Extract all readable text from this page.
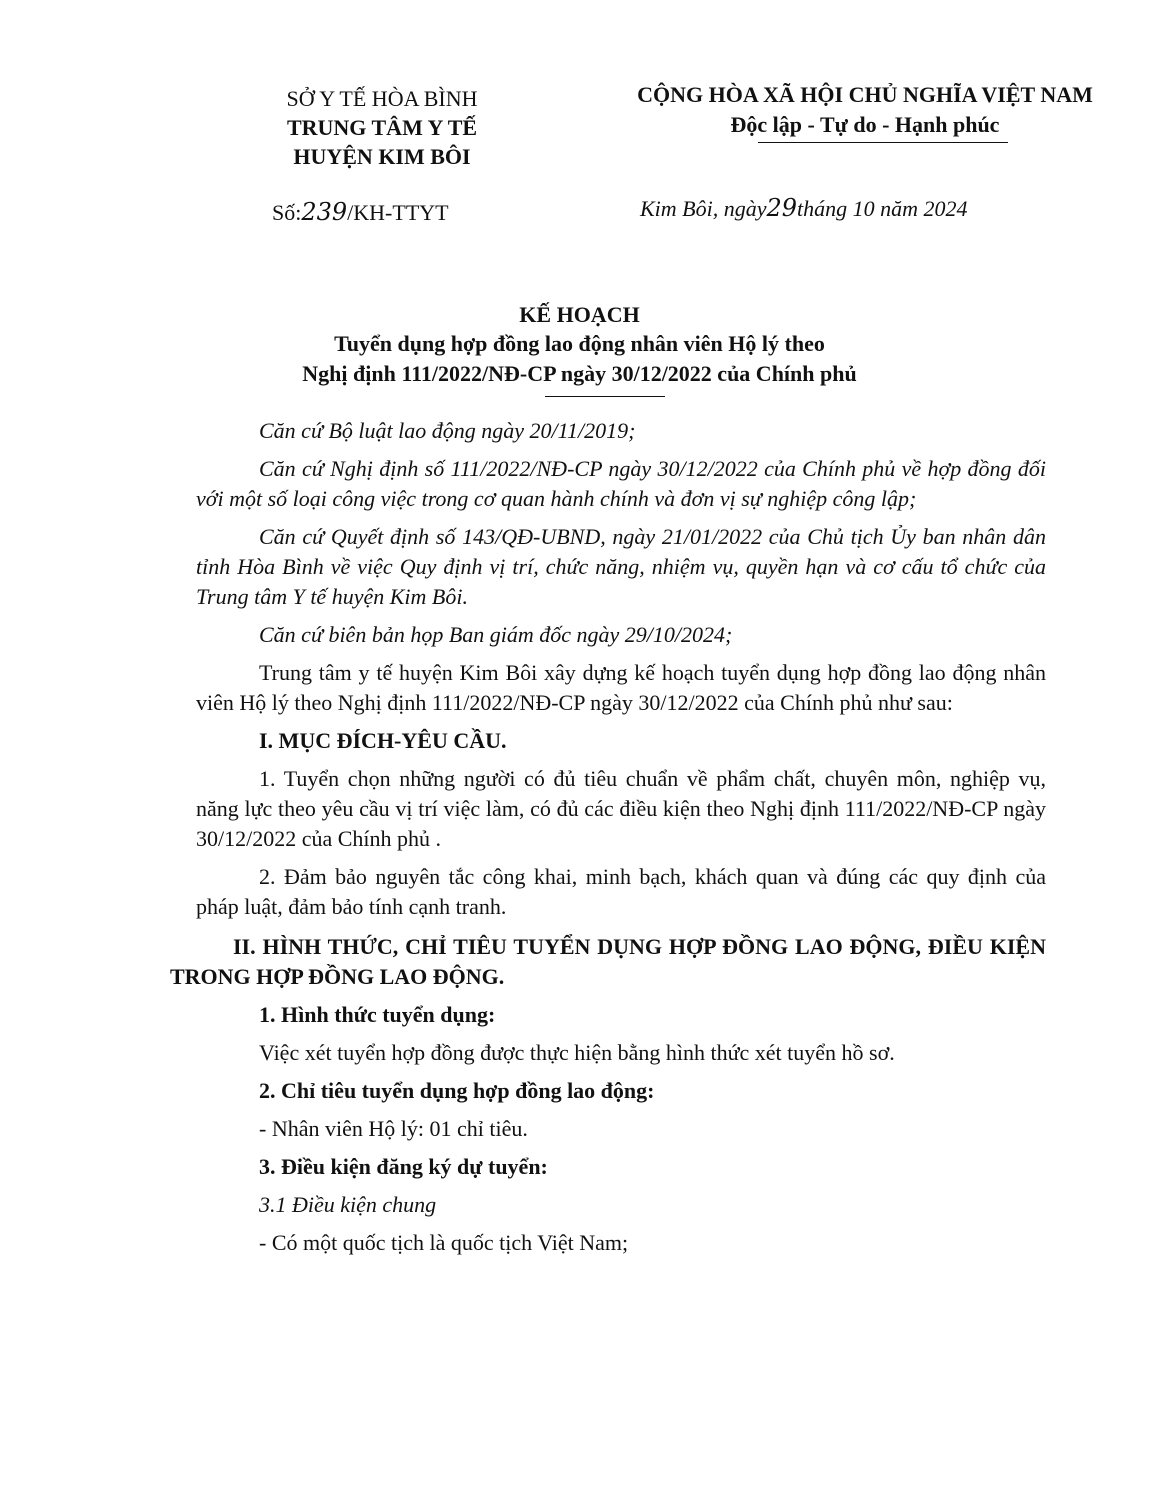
SỞ Y TẾ HÒA BÌNH
TRUNG TÂM Y TẾ
HUYỆN KIM BÔI
CỘNG HÒA XÃ HỘI CHỦ NGHĨA VIỆT NAM
Độc lập - Tự do - Hạnh phúc
Số:239/KH-TTYT	Kim Bôi, ngày29tháng 10 năm 2024
KẾ HOẠCH
Tuyển dụng hợp đồng lao động nhân viên Hộ lý theo
Nghị định 111/2022/NĐ-CP ngày 30/12/2022 của Chính phủ

Căn cứ Bộ luật lao động ngày 20/11/2019;

Căn cứ Nghị định số 111/2022/NĐ-CP ngày 30/12/2022 của Chính phủ về hợp đồng đối với một số loại công việc trong cơ quan hành chính và đơn vị sự nghiệp công lập;

Căn cứ Quyết định số 143/QĐ-UBND, ngày 21/01/2022 của Chủ tịch Ủy ban nhân dân tỉnh Hòa Bình về việc Quy định vị trí, chức năng, nhiệm vụ, quyền hạn và cơ cấu tổ chức của Trung tâm Y tế huyện Kim Bôi.

Căn cứ biên bản họp Ban giám đốc ngày 29/10/2024;

Trung tâm y tế huyện Kim Bôi xây dựng kế hoạch tuyển dụng hợp đồng lao động nhân viên Hộ lý theo Nghị định 111/2022/NĐ-CP ngày 30/12/2022 của Chính phủ như sau:

I. MỤC ĐÍCH-YÊU CẦU.

1. Tuyển chọn những người có đủ tiêu chuẩn về phẩm chất, chuyên môn, nghiệp vụ, năng lực theo yêu cầu vị trí việc làm, có đủ các điều kiện theo Nghị định 111/2022/NĐ-CP ngày 30/12/2022 của Chính phủ .

2. Đảm bảo nguyên tắc công khai, minh bạch, khách quan và đúng các quy định của pháp luật, đảm bảo tính cạnh tranh.

II. HÌNH THỨC, CHỈ TIÊU TUYỂN DỤNG HỢP ĐỒNG LAO ĐỘNG, ĐIỀU KIỆN TRONG HỢP ĐỒNG LAO ĐỘNG.

1. Hình thức tuyển dụng:

Việc xét tuyển hợp đồng được thực hiện bằng hình thức xét tuyển hồ sơ.

2. Chỉ tiêu tuyển dụng hợp đồng lao động:

- Nhân viên Hộ lý: 01 chỉ tiêu.

3. Điều kiện đăng ký dự tuyển:

3.1 Điều kiện chung

- Có một quốc tịch là quốc tịch Việt Nam;
